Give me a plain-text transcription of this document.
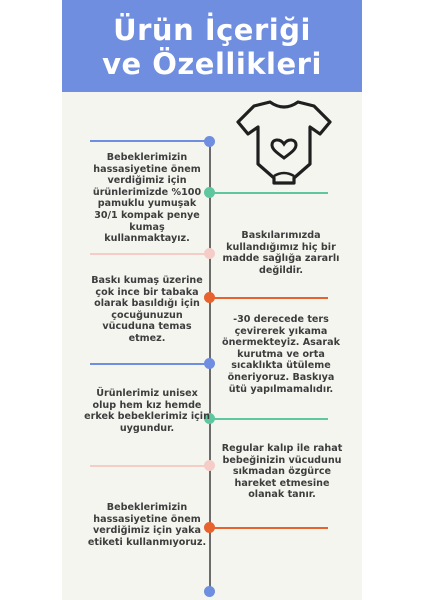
Ürün İçeriği
ve Özellikleri
Bebeklerimizin hassasiyetine önem verdiğimiz için ürünlerimizde %100 pamuklu yumuşak 30/1 kompak penye kumaş kullanmaktayız.	Baskılarımızda kullandığımız hiç bir madde sağlığa zararlı değildir.
Baskı kumaş üzerine çok ince bir tabaka olarak basıldığı için çocuğunuzun vücuduna temas etmez.
-30 derecede ters çevirerek yıkama önermekteyiz. Asarak kurutma ve orta sıcaklıkta ütüleme öneriyoruz. Baskıya ütü yapılmamalıdır.
Ürünlerimiz unisex olup hem kız hemde erkek bebeklerimiz için uygundur.
Regular kalıp ile rahat bebeğinizin vücudunu sıkmadan özgürce hareket etmesine olanak tanır.
Bebeklerimizin hassasiyetine önem verdiğimiz için yaka etiketi kullanmıyoruz.
